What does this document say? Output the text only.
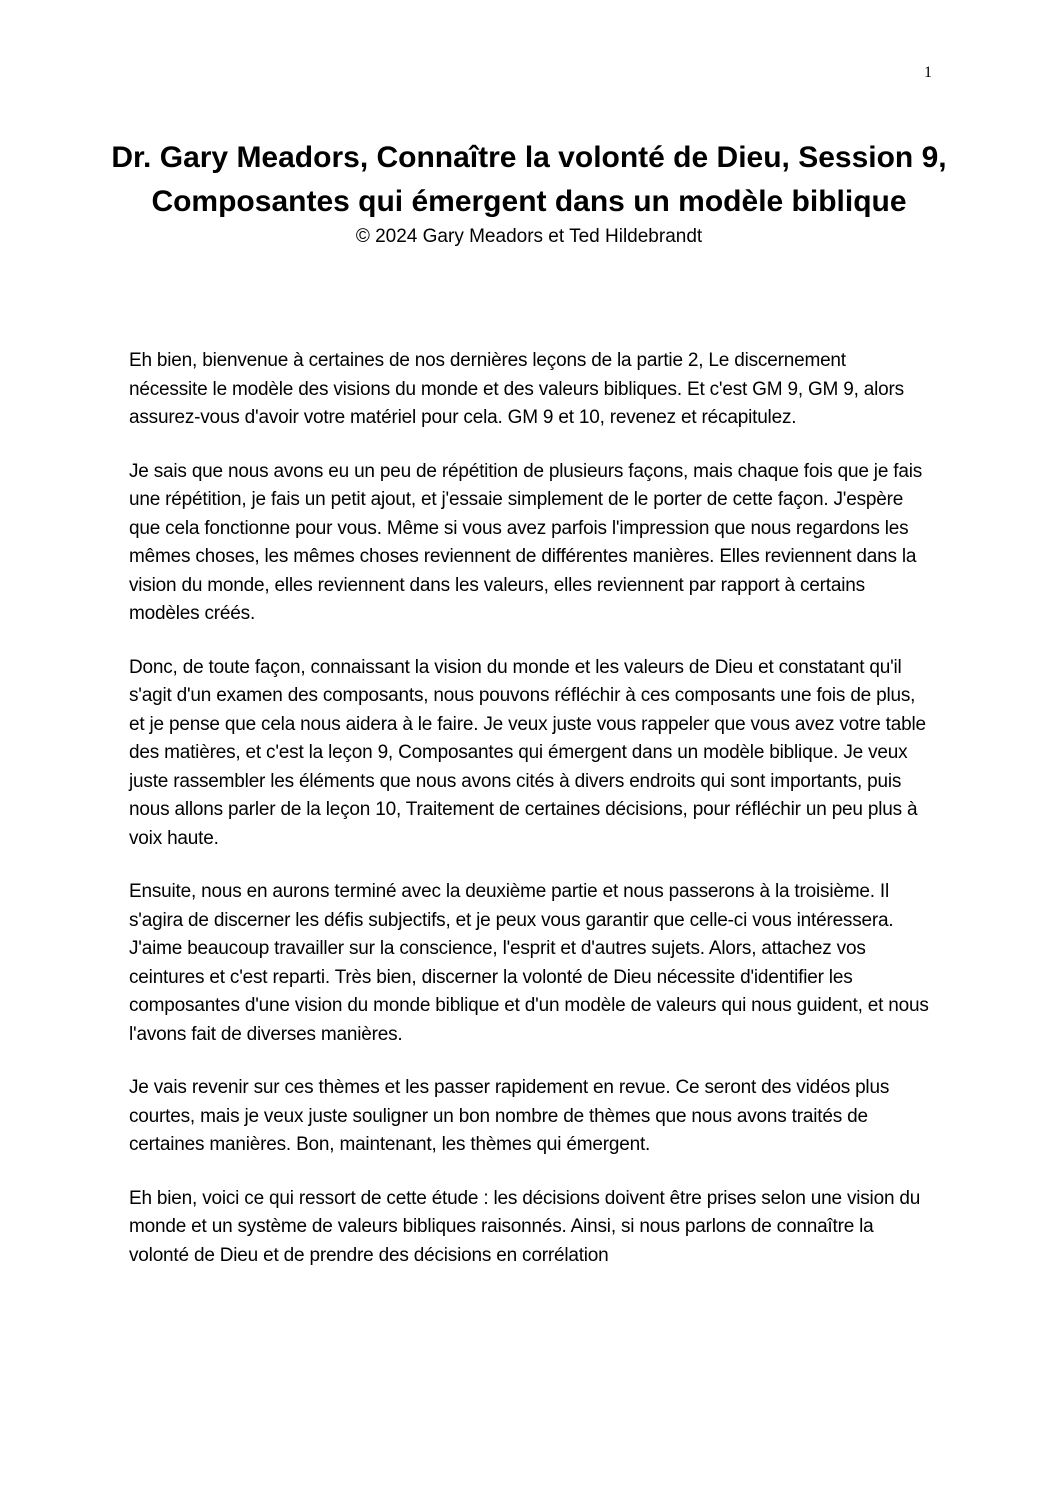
1
Dr. Gary Meadors, Connaître la volonté de Dieu, Session 9, Composantes qui émergent dans un modèle biblique

© 2024 Gary Meadors et Ted Hildebrandt

Eh bien, bienvenue à certaines de nos dernières leçons de la partie 2, Le discernement nécessite le modèle des visions du monde et des valeurs bibliques. Et c'est GM 9, GM 9, alors assurez-vous d'avoir votre matériel pour cela. GM 9 et 10, revenez et récapitulez.

Je sais que nous avons eu un peu de répétition de plusieurs façons, mais chaque fois que je fais une répétition, je fais un petit ajout, et j'essaie simplement de le porter de cette façon. J'espère que cela fonctionne pour vous. Même si vous avez parfois l'impression que nous regardons les mêmes choses, les mêmes choses reviennent de différentes manières. Elles reviennent dans la vision du monde, elles reviennent dans les valeurs, elles reviennent par rapport à certains modèles créés.

Donc, de toute façon, connaissant la vision du monde et les valeurs de Dieu et constatant qu'il s'agit d'un examen des composants, nous pouvons réfléchir à ces composants une fois de plus, et je pense que cela nous aidera à le faire. Je veux juste vous rappeler que vous avez votre table des matières, et c'est la leçon 9, Composantes qui émergent dans un modèle biblique. Je veux juste rassembler les éléments que nous avons cités à divers endroits qui sont importants, puis nous allons parler de la leçon 10, Traitement de certaines décisions, pour réfléchir un peu plus à voix haute.

Ensuite, nous en aurons terminé avec la deuxième partie et nous passerons à la troisième. Il s'agira de discerner les défis subjectifs, et je peux vous garantir que celle-ci vous intéressera. J'aime beaucoup travailler sur la conscience, l'esprit et d'autres sujets. Alors, attachez vos ceintures et c'est reparti. Très bien, discerner la volonté de Dieu nécessite d'identifier les composantes d'une vision du monde biblique et d'un modèle de valeurs qui nous guident, et nous l'avons fait de diverses manières.

Je vais revenir sur ces thèmes et les passer rapidement en revue. Ce seront des vidéos plus courtes, mais je veux juste souligner un bon nombre de thèmes que nous avons traités de certaines manières. Bon, maintenant, les thèmes qui émergent.

Eh bien, voici ce qui ressort de cette étude : les décisions doivent être prises selon une vision du monde et un système de valeurs bibliques raisonnés. Ainsi, si nous parlons de connaître la volonté de Dieu et de prendre des décisions en corrélation
